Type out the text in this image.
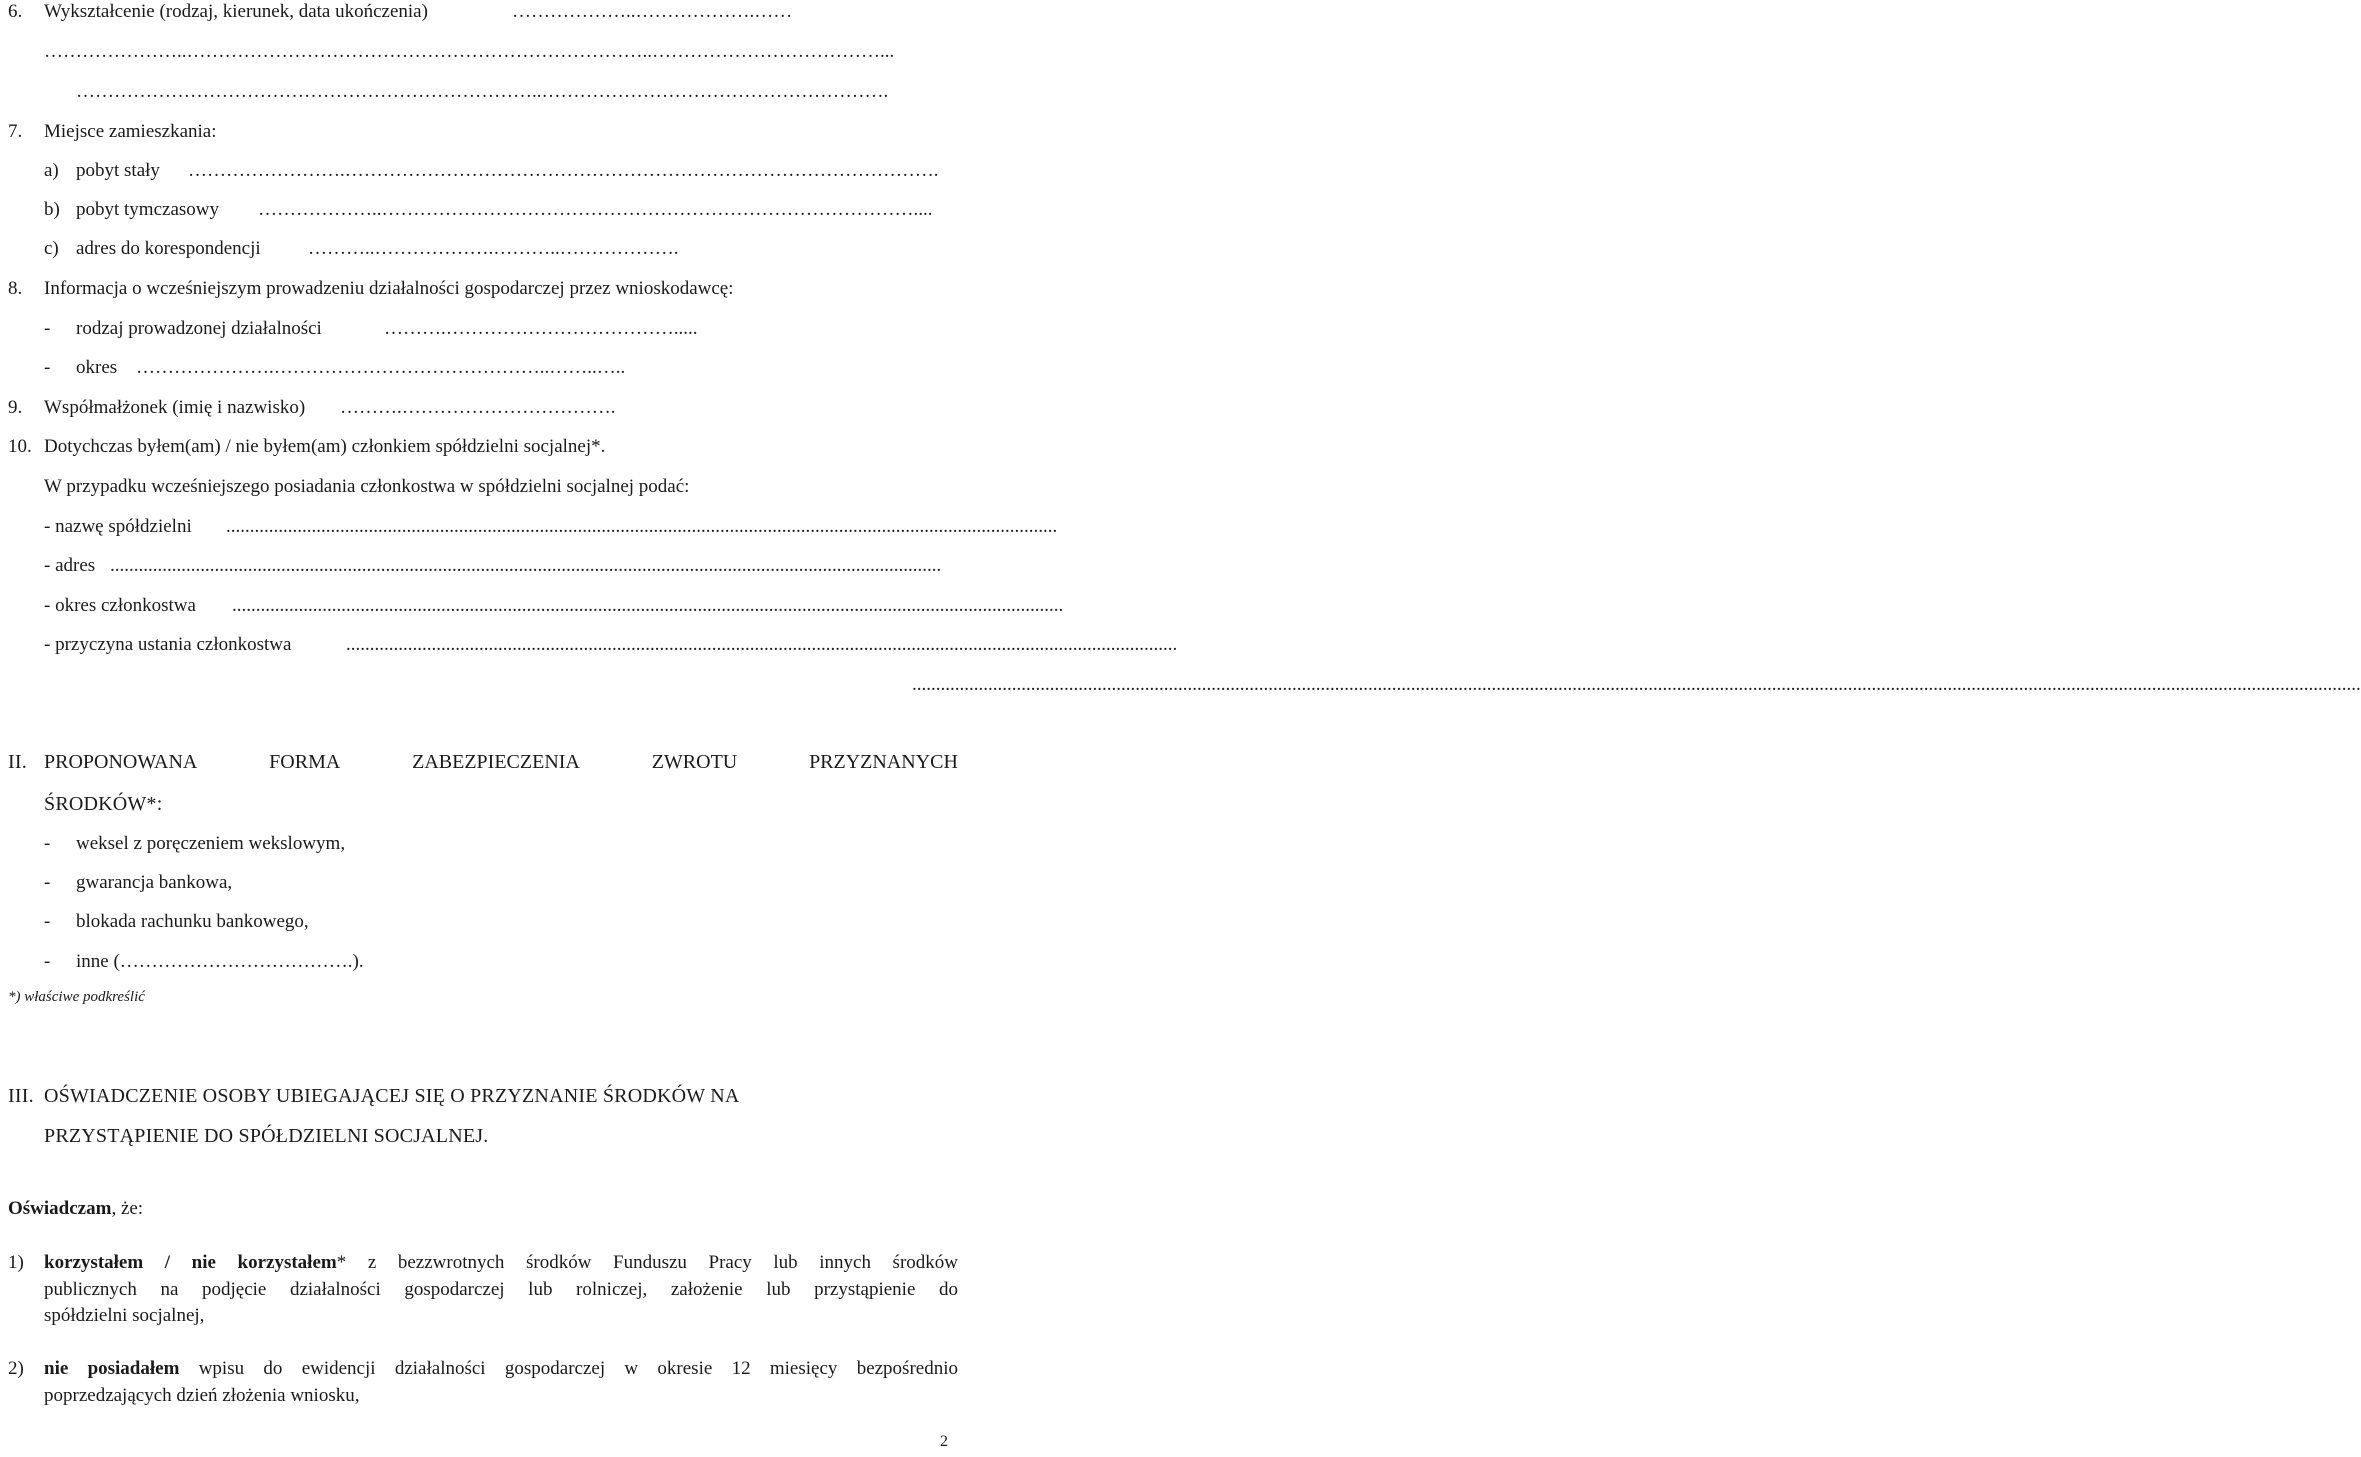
6. Wykształcenie (rodzaj, kierunek, data ukończenia)	………………..……………….……
…………………..………………………………………………………………..………………………………...
………………………………………………………………..……………………………………………….
7. Miejsce zamieszkania:
a) pobyt stały …………………….………………………………………………………………………………….
b) pobyt tymczasowy ………………..…………………………………………………………………………....
c) adres do korespondencji ………..……………….………..……………….
8. Informacja o wcześniejszym prowadzeniu działalności gospodarczej przez wnioskodawcę:
- rodzaj prowadzonej działalności	……….……………………………….....
- okres ………………….……………………………………..……..…..
9. Współmałżonek (imię i nazwisko) ……….…………………………….
10. Dotychczas byłem(am) / nie byłem(am) członkiem spółdzielni socjalnej*.
W przypadku wcześniejszego posiadania członkostwa w spółdzielni socjalnej podać:
- nazwę spółdzielni ...............................................................................................................................................................................
- adres ...............................................................................................................................................................................
- okres członkostwa ...............................................................................................................................................................................
- przyczyna ustania członkostwa	...............................................................................................................................................................................
.................................................................................................................................................................................................................................................................................................................
II. PROPONOWANA	FORMA	ZABEZPIECZENIA	ZWROTU	PRZYZNANYCH
ŚRODKÓW*:
- weksel z poręczeniem wekslowym,
- gwarancja bankowa,
- blokada rachunku bankowego,
- inne (……………………………….).
*) właściwe podkreślić
III. OŚWIADCZENIE OSOBY UBIEGAJĄCEJ SIĘ O PRZYZNANIE ŚRODKÓW NA
PRZYSTĄPIENIE DO SPÓŁDZIELNI SOCJALNEJ.
Oświadczam, że:
1) korzystałem / nie korzystałem* z bezzwrotnych środków Funduszu Pracy lub innych środków
publicznych na podjęcie działalności gospodarczej lub rolniczej, założenie lub przystąpienie do
spółdzielni socjalnej,
2) nie posiadałem wpisu do ewidencji działalności gospodarczej w okresie 12 miesięcy bezpośrednio
poprzedzających dzień złożenia wniosku,
2
